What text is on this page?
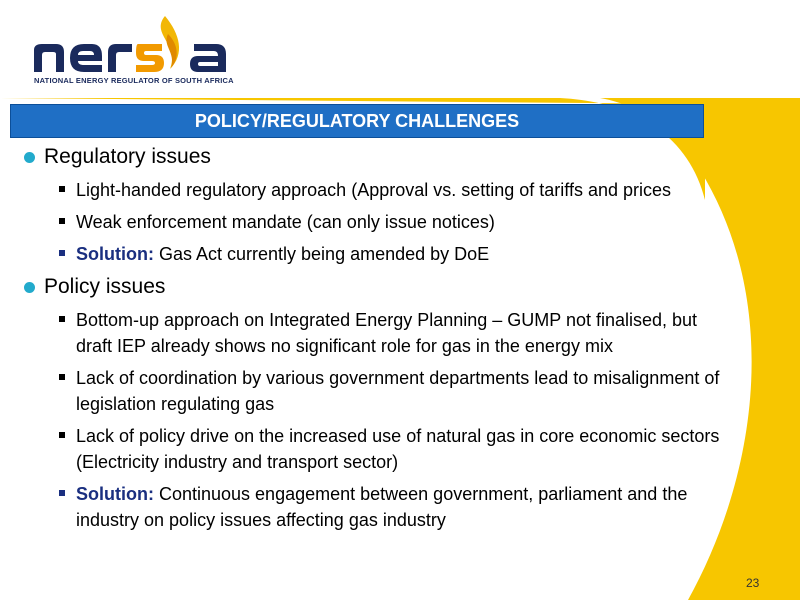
NATIONAL ENERGY REGULATOR OF SOUTH AFRICA
POLICY/REGULATORY CHALLENGES
Regulatory issues
Light-handed regulatory approach (Approval vs. setting of tariffs and prices
Weak enforcement mandate (can only issue notices)
Solution: Gas Act currently being amended by DoE
Policy issues
Bottom-up approach on Integrated Energy Planning – GUMP not finalised, but draft IEP already shows no significant role for gas in the energy mix
Lack of coordination by various government departments lead to misalignment of legislation regulating gas
Lack of policy drive on the increased use of natural gas in core economic sectors (Electricity industry and transport sector)
Solution: Continuous engagement between government, parliament and the industry on policy issues affecting gas industry
23
